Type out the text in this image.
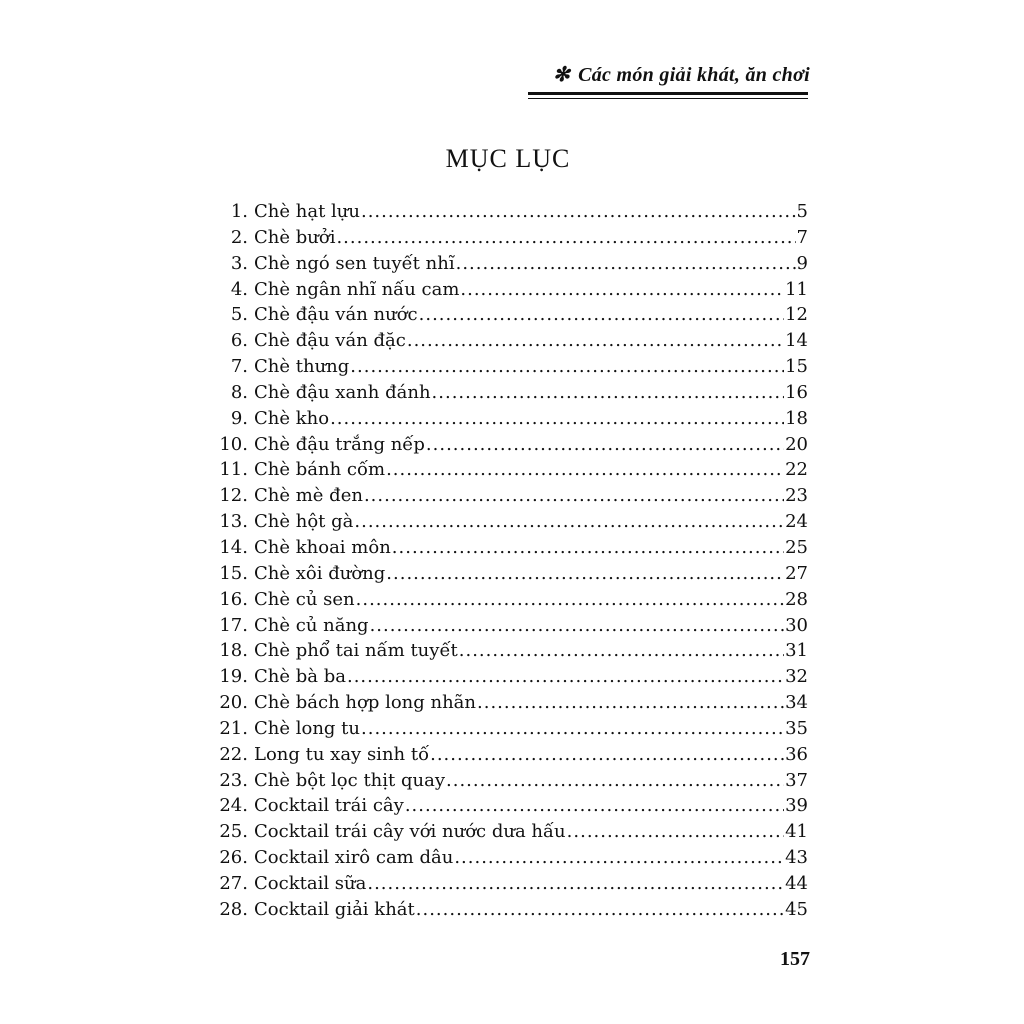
✻ Các món giải khát, ăn chơi
MỤC LỤC
1. Chè hạt lựu .....	5
2. Chè bưởi .....	7
3. Chè ngó sen tuyết nhĩ .....	9
4. Chè ngân nhĩ nấu cam .....	11
5. Chè đậu ván nước .....	12
6. Chè đậu ván đặc .....	14
7. Chè thưng .....	15
8. Chè đậu xanh đánh .....	16
9. Chè kho .....	18
10. Chè đậu trắng nếp .....	20
11. Chè bánh cốm .....	22
12. Chè mè đen .....	23
13. Chè hột gà .....	24
14. Chè khoai môn .....	25
15. Chè xôi đường .....	27
16. Chè củ sen .....	28
17. Chè củ năng .....	30
18. Chè phổ tai nấm tuyết .....	31
19. Chè bà ba .....	32
20. Chè bách hợp long nhãn .....	34
21. Chè long tu .....	35
22. Long tu xay sinh tố .....	36
23. Chè bột lọc thịt quay .....	37
24. Cocktail trái cây .....	39
25. Cocktail trái cây với nước dưa hấu .....	41
26. Cocktail xirô cam dâu .....	43
27. Cocktail sữa .....	44
28. Cocktail giải khát .....	45
157
